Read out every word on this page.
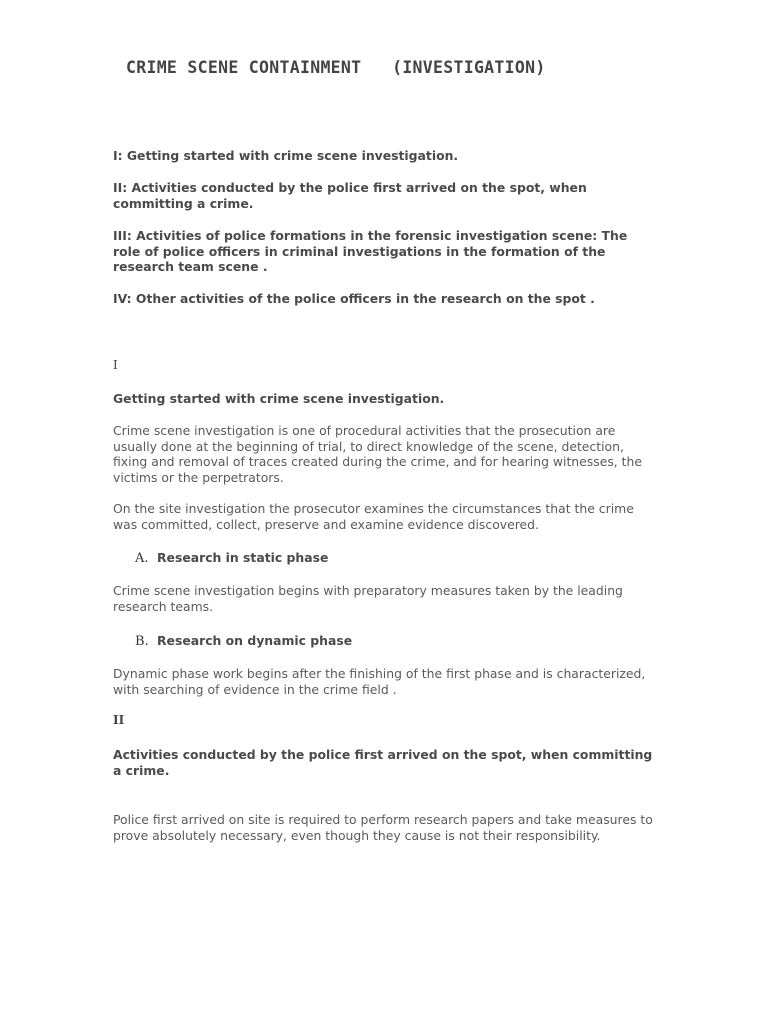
CRIME SCENE CONTAINMENT   (INVESTIGATION)

I: Getting started with crime scene investigation.

II: Activities conducted by the police first arrived on the spot, when committing a crime.

III: Activities of police formations in the forensic investigation scene: The role of police officers in criminal investigations in the formation of the research team scene .

IV: Other activities of the police officers in the research on the spot .

I

Getting started with crime scene investigation.

Crime scene investigation is one of procedural activities that the prosecution are usually done at the beginning of trial, to direct knowledge of the scene, detection, fixing and removal of traces created during the crime, and for hearing witnesses, the victims or the perpetrators.

On the site investigation the prosecutor examines the circumstances that the crime was committed, collect, preserve and examine evidence discovered.

A. Research in static phase

Crime scene investigation begins with preparatory measures taken by the leading research teams.

B. Research on dynamic phase

Dynamic phase work begins after the finishing of the first phase and is characterized, with searching of evidence in the crime field .

II

Activities conducted by the police first arrived on the spot, when committing a crime.

Police first arrived on site is required to perform research papers and take measures to prove absolutely necessary, even though they cause is not their responsibility.
